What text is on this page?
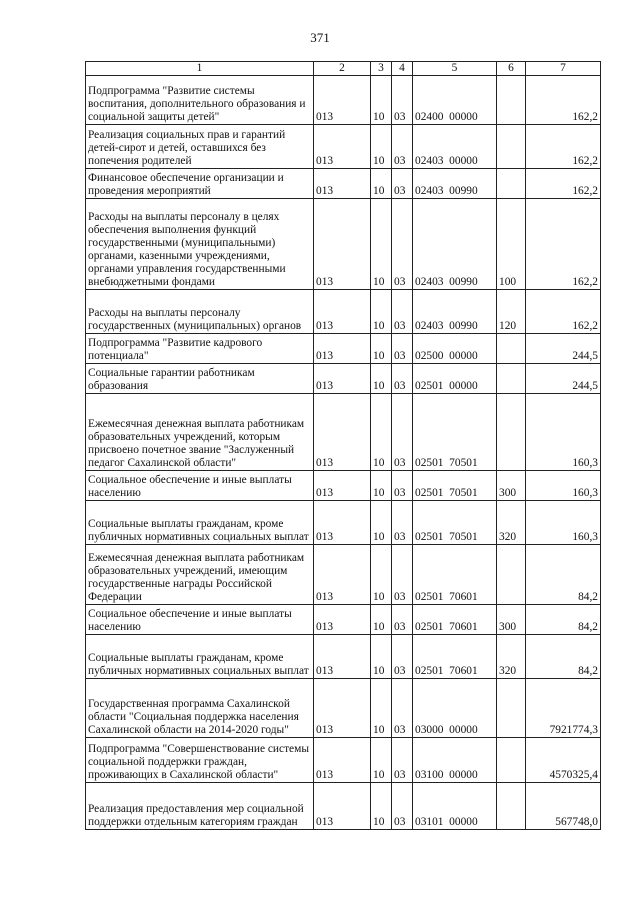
371
1	2	3	4	5	6	7
Подпрограмма "Развитие системы воспитания, дополнительного образования и социальной защиты детей"	013	10	03	02400  00000		162,2
Реализация социальных прав и гарантий детей-сирот и детей, оставшихся без попечения родителей	013	10	03	02403  00000		162,2
Финансовое обеспечение организации и проведения мероприятий	013	10	03	02403  00990		162,2
Расходы на выплаты персоналу в целях обеспечения выполнения функций государственными (муниципальными) органами, казенными учреждениями, органами управления государственными внебюджетными фондами	013	10	03	02403  00990	100	162,2
Расходы на выплаты персоналу государственных (муниципальных) органов	013	10	03	02403  00990	120	162,2
Подпрограмма "Развитие кадрового потенциала"	013	10	03	02500  00000		244,5
Социальные гарантии работникам образования	013	10	03	02501  00000		244,5
Ежемесячная денежная выплата работникам образовательных учреждений, которым присвоено почетное звание "Заслуженный педагог Сахалинской области"	013	10	03	02501  70501		160,3
Социальное обеспечение и иные выплаты населению	013	10	03	02501  70501	300	160,3
Социальные выплаты гражданам, кроме публичных нормативных социальных выплат	013	10	03	02501  70501	320	160,3
Ежемесячная денежная выплата работникам образовательных учреждений, имеющим государственные награды Российской Федерации	013	10	03	02501  70601		84,2
Социальное обеспечение и иные выплаты населению	013	10	03	02501  70601	300	84,2
Социальные выплаты гражданам, кроме публичных нормативных социальных выплат	013	10	03	02501  70601	320	84,2
Государственная программа Сахалинской области "Социальная поддержка населения Сахалинской области на 2014-2020 годы"	013	10	03	03000  00000		7921774,3
Подпрограмма "Совершенствование системы социальной поддержки граждан, проживающих в Сахалинской области"	013	10	03	03100  00000		4570325,4
Реализация предоставления мер социальной поддержки отдельным категориям граждан	013	10	03	03101  00000		567748,0
